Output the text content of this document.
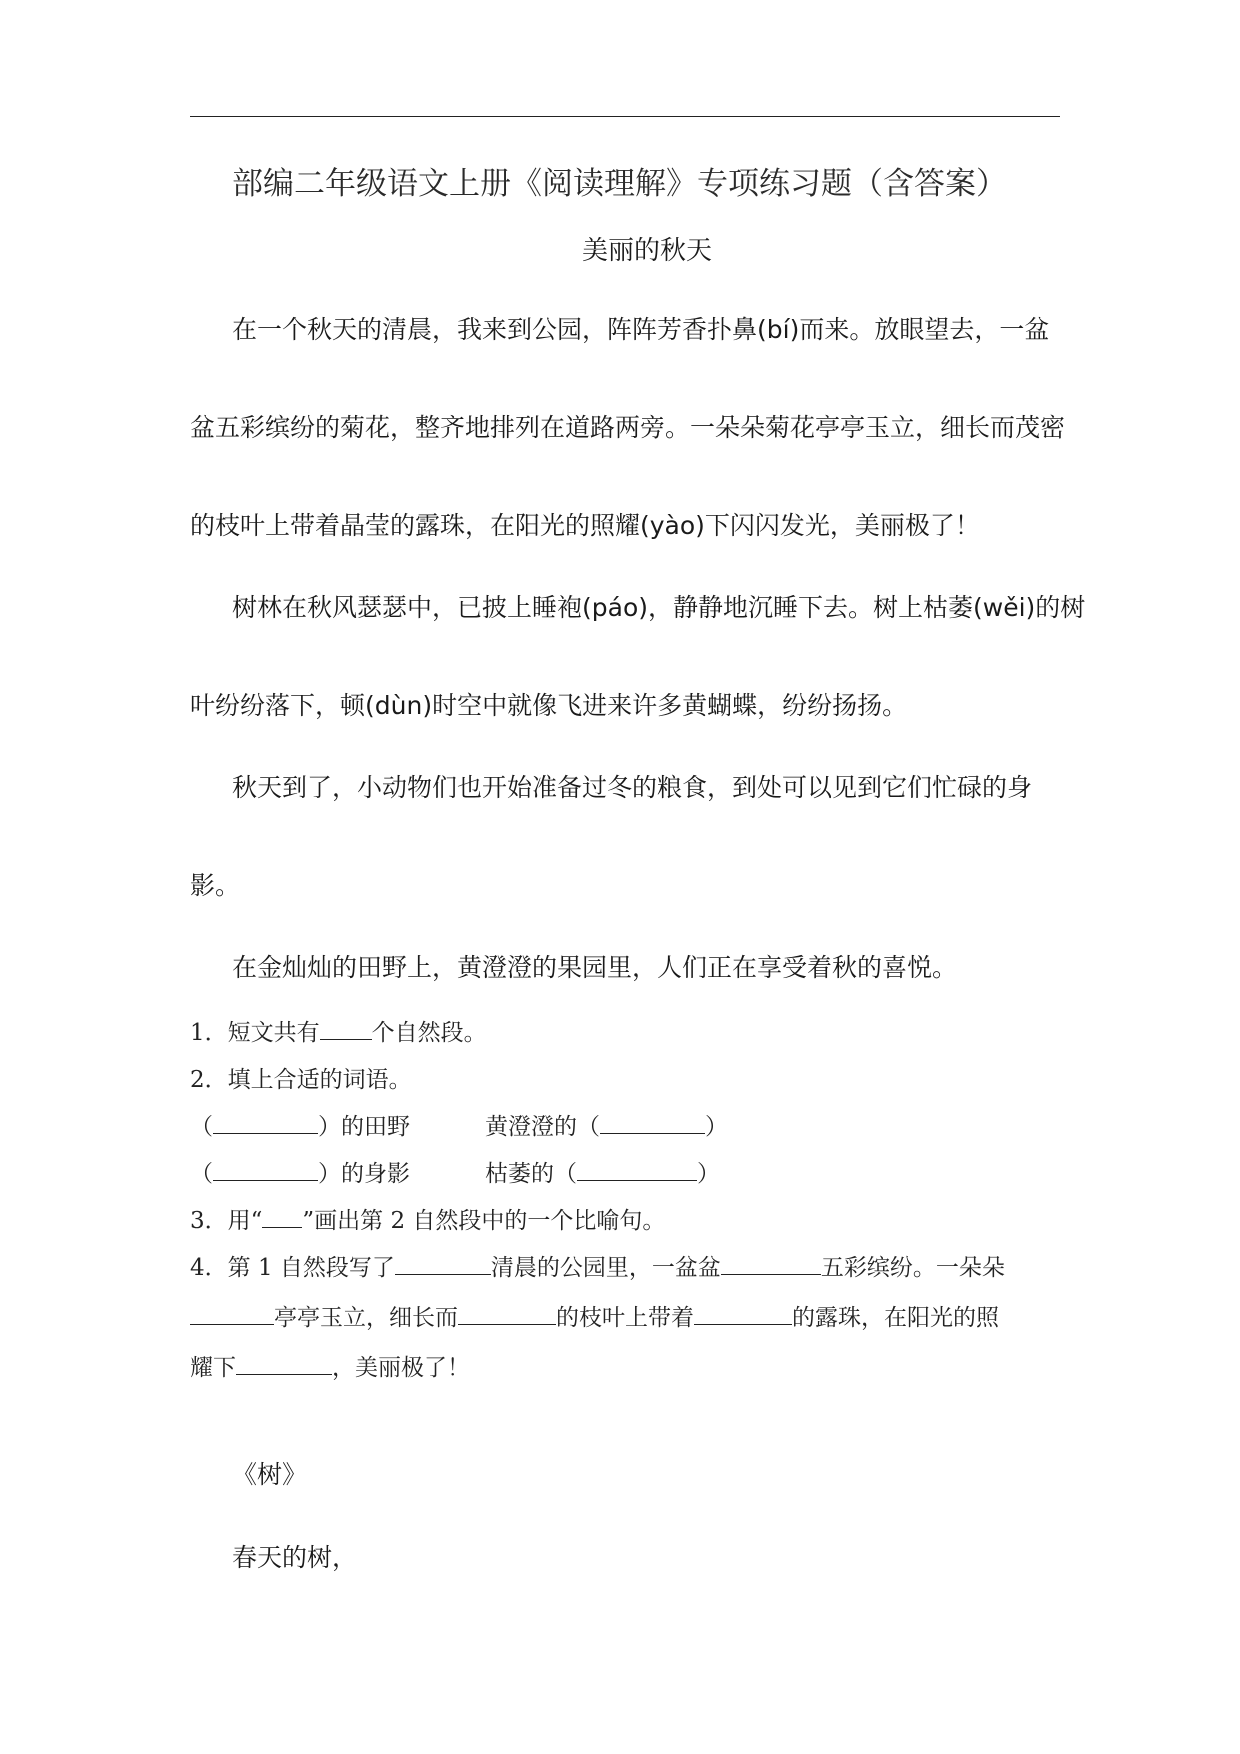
部编二年级语文上册《阅读理解》专项练习题（含答案）
美丽的秋天
在一个秋天的清晨，我来到公园，阵阵芳香扑鼻(bí)而来。放眼望去，一盆
盆五彩缤纷的菊花，整齐地排列在道路两旁。一朵朵菊花亭亭玉立，细长而茂密
的枝叶上带着晶莹的露珠，在阳光的照耀(yào)下闪闪发光，美丽极了！
树林在秋风瑟瑟中，已披上睡袍(páo)，静静地沉睡下去。树上枯萎(wěi)的树
叶纷纷落下，顿(dùn)时空中就像飞进来许多黄蝴蝶，纷纷扬扬。
秋天到了，小动物们也开始准备过冬的粮食，到处可以见到它们忙碌的身
影。
在金灿灿的田野上，黄澄澄的果园里，人们正在享受着秋的喜悦。
1．短文共有 个自然段。
2．填上合适的词语。
（	）的田野	黄澄澄的（	）
（	）的身影	枯萎的（	）
3．用“ ”画出第 2 自然段中的一个比喻句。
4．第 1 自然段写了	清晨的公园里，一盆盆	五彩缤纷。一朵朵
亭亭玉立，细长而	的枝叶上带着	的露珠，在阳光的照
耀下	，美丽极了！
《树》
春天的树，
